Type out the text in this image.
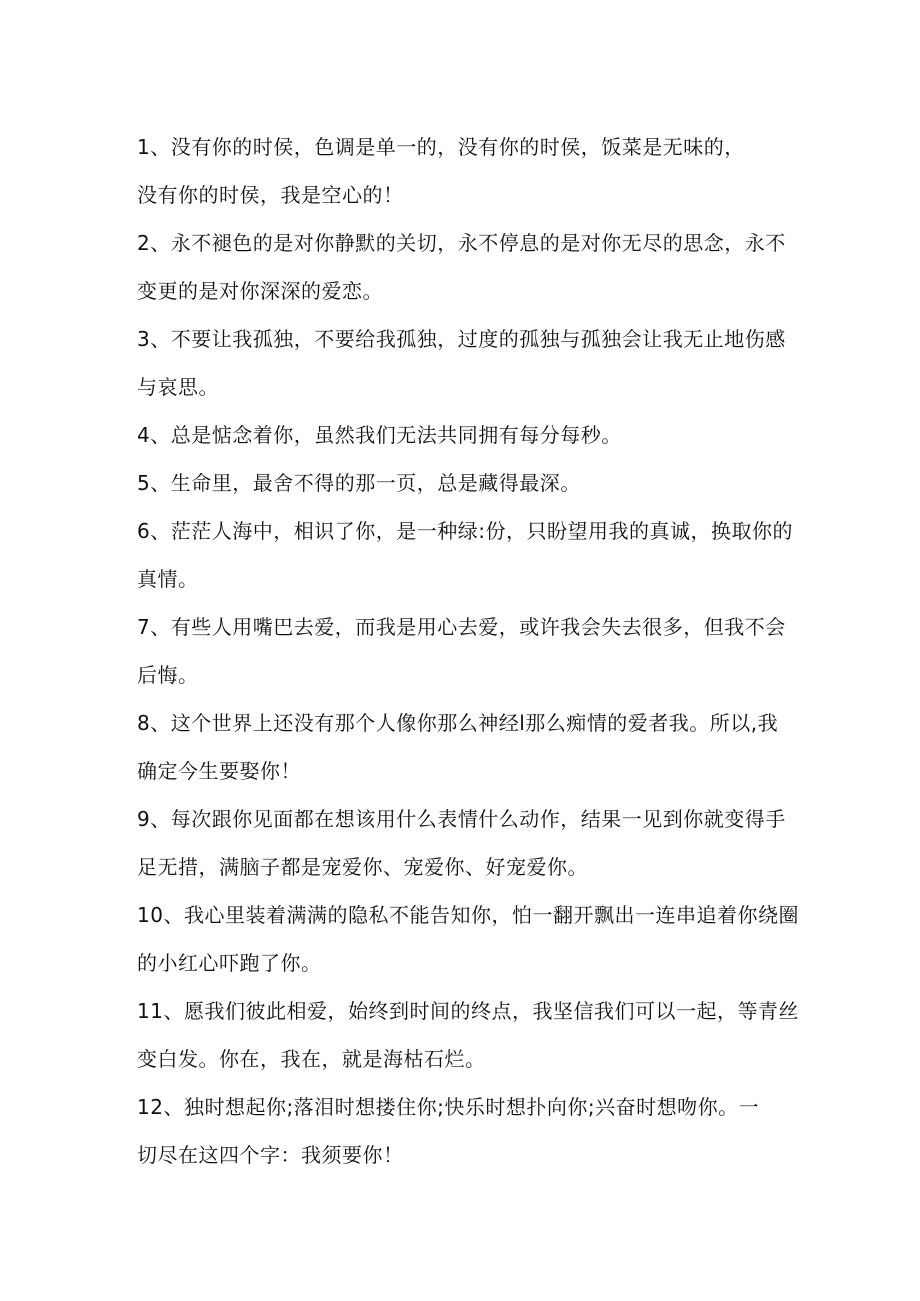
1、没有你的时侯，色调是单一的，没有你的时侯，饭菜是无味的，
没有你的时侯，我是空心的！
2、永不褪色的是对你静默的关切，永不停息的是对你无尽的思念，永不
变更的是对你深深的爱恋。
3、不要让我孤独，不要给我孤独，过度的孤独与孤独会让我无止地伤感
与哀思。
4、总是惦念着你，虽然我们无法共同拥有每分每秒。
5、生命里，最舍不得的那一页，总是藏得最深。
6、茫茫人海中，相识了你，是一种绿:份，只盼望用我的真诚，换取你的
真情。
7、有些人用嘴巴去爱，而我是用心去爱，或许我会失去很多，但我不会
后悔。
8、这个世界上还没有那个人像你那么神经l那么痴情的爱者我。所以,我
确定今生要娶你！
9、每次跟你见面都在想该用什么表情什么动作，结果一见到你就变得手
足无措，满脑子都是宠爱你、宠爱你、好宠爱你。
10、我心里装着满满的隐私不能告知你，怕一翻开飘出一连串追着你绕圈
的小红心吓跑了你。
11、愿我们彼此相爱，始终到时间的终点，我坚信我们可以一起，等青丝
变白发。你在，我在，就是海枯石烂。
12、独时想起你;落泪时想搂住你;快乐时想扑向你;兴奋时想吻你。一
切尽在这四个字：我须要你！
